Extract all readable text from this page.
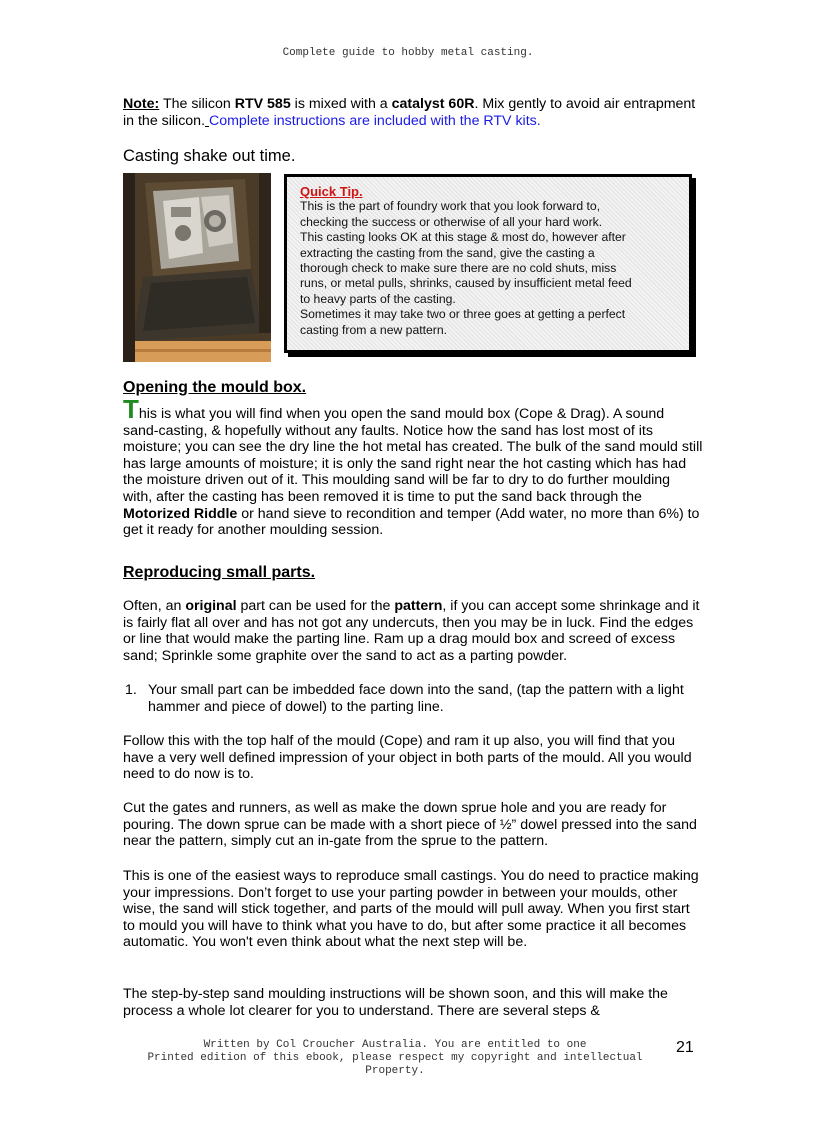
Complete guide to hobby metal casting.
Note: The silicon RTV 585 is mixed with a catalyst 60R. Mix gently to avoid air entrapment in the silicon. Complete instructions are included with the RTV kits.
Casting shake out time.
Quick Tip.
This is the part of foundry work that you look forward to,
checking the success or otherwise of all your hard work.
This casting looks OK at this stage & most do, however after
extracting the casting from the sand, give the casting a
thorough check to make sure there are no cold shuts, miss
runs, or metal pulls, shrinks, caused by insufficient metal feed
to heavy parts of the casting.
Sometimes it may take two or three goes at getting a perfect
casting from a new pattern.
Opening the mould box.
This is what you will find when you open the sand mould box (Cope & Drag). A sound sand-casting, & hopefully without any faults. Notice how the sand has lost most of its moisture; you can see the dry line the hot metal has created. The bulk of the sand mould still has large amounts of moisture; it is only the sand right near the hot casting which has had the moisture driven out of it. This moulding sand will be far to dry to do further moulding with, after the casting has been removed it is time to put the sand back through the Motorized Riddle or hand sieve to recondition and temper (Add water, no more than 6%) to get it ready for another moulding session.
Reproducing small parts.
Often, an original part can be used for the pattern, if you can accept some shrinkage and it is fairly flat all over and has not got any undercuts, then you may be in luck. Find the edges or line that would make the parting line. Ram up a drag mould box and screed of excess sand; Sprinkle some graphite over the sand to act as a parting powder.
1. Your small part can be imbedded face down into the sand, (tap the pattern with a light hammer and piece of dowel) to the parting line.
Follow this with the top half of the mould (Cope) and ram it up also, you will find that you have a very well defined impression of your object in both parts of the mould. All you would need to do now is to.
Cut the gates and runners, as well as make the down sprue hole and you are ready for pouring. The down sprue can be made with a short piece of ½” dowel pressed into the sand near the pattern, simply cut an in-gate from the sprue to the pattern.
This is one of the easiest ways to reproduce small castings. You do need to practice making your impressions. Don’t forget to use your parting powder in between your moulds, other wise, the sand will stick together, and parts of the mould will pull away. When you first start to mould you will have to think what you have to do, but after some practice it all becomes automatic. You won't even think about what the next step will be.
The step-by-step sand moulding instructions will be shown soon, and this will make the process a whole lot clearer for you to understand. There are several steps &
Written by Col Croucher Australia. You are entitled to one
Printed edition of this ebook, please respect my copyright and intellectual
Property.
21
